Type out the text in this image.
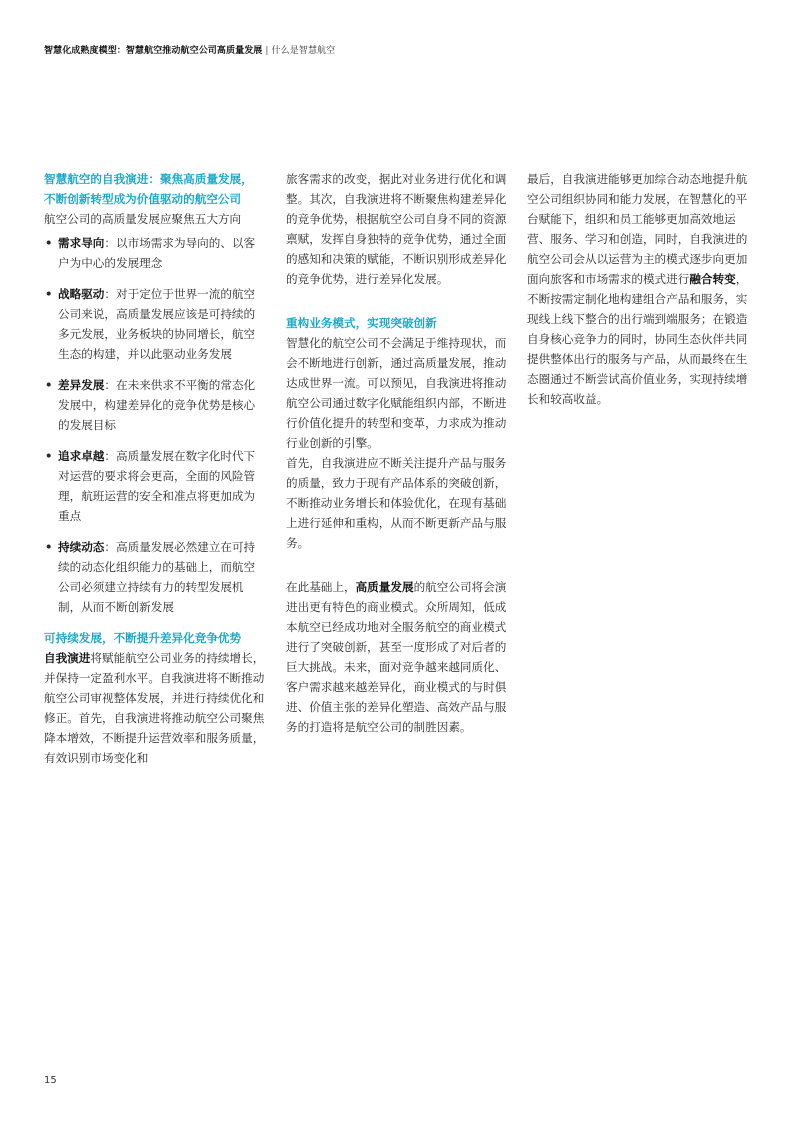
智慧化成熟度模型：智慧航空推动航空公司高质量发展 | 什么是智慧航空
智慧航空的自我演进：聚焦高质量发展，
不断创新转型成为价值驱动的航空公司

航空公司的高质量发展应聚焦五大方向

• 需求导向：以市场需求为导向的、以客户为中心的发展理念
• 战略驱动：对于定位于世界一流的航空公司来说，高质量发展应该是可持续的多元发展，业务板块的协同增长，航空生态的构建，并以此驱动业务发展
• 差异发展：在未来供求不平衡的常态化发展中，构建差异化的竞争优势是核心的发展目标
• 追求卓越：高质量发展在数字化时代下对运营的要求将会更高，全面的风险管理，航班运营的安全和准点将更加成为重点
• 持续动态：高质量发展必然建立在可持续的动态化组织能力的基础上，而航空公司必须建立持续有力的转型发展机制，从而不断创新发展
可持续发展，不断提升差异化竞争优势

自我演进将赋能航空公司业务的持续增长，并保持一定盈利水平。自我演进将不断推动航空公司审视整体发展，并进行持续优化和修正。首先，自我演进将推动航空公司聚焦降本增效，不断提升运营效率和服务质量，有效识别市场变化和

旅客需求的改变，据此对业务进行优化和调整。其次，自我演进将不断聚焦构建差异化的竞争优势，根据航空公司自身不同的资源禀赋，发挥自身独特的竞争优势，通过全面的感知和决策的赋能，不断识别形成差异化的竞争优势，进行差异化发展。

重构业务模式，实现突破创新

智慧化的航空公司不会满足于维持现状，而会不断地进行创新，通过高质量发展，推动达成世界一流。可以预见，自我演进将推动航空公司通过数字化赋能组织内部，不断进行价值化提升的转型和变革，力求成为推动行业创新的引擎。

首先，自我演进应不断关注提升产品与服务的质量，致力于现有产品体系的突破创新，不断推动业务增长和体验优化，在现有基础上进行延伸和重构，从而不断更新产品与服务。

在此基础上，高质量发展的航空公司将会演进出更有特色的商业模式。众所周知，低成本航空已经成功地对全服务航空的商业模式进行了突破创新，甚至一度形成了对后者的巨大挑战。未来，面对竞争越来越同质化、客户需求越来越差异化，商业模式的与时俱进、价值主张的差异化塑造、高效产品与服务的打造将是航空公司的制胜因素。

最后，自我演进能够更加综合动态地提升航空公司组织协同和能力发展，在智慧化的平台赋能下，组织和员工能够更加高效地运营、服务、学习和创造，同时，自我演进的航空公司会从以运营为主的模式逐步向更加面向旅客和市场需求的模式进行融合转变，不断按需定制化地构建组合产品和服务，实现线上线下整合的出行端到端服务；在锻造自身核心竞争力的同时，协同生态伙伴共同提供整体出行的服务与产品，从而最终在生态圈通过不断尝试高价值业务，实现持续增长和较高收益。

15
